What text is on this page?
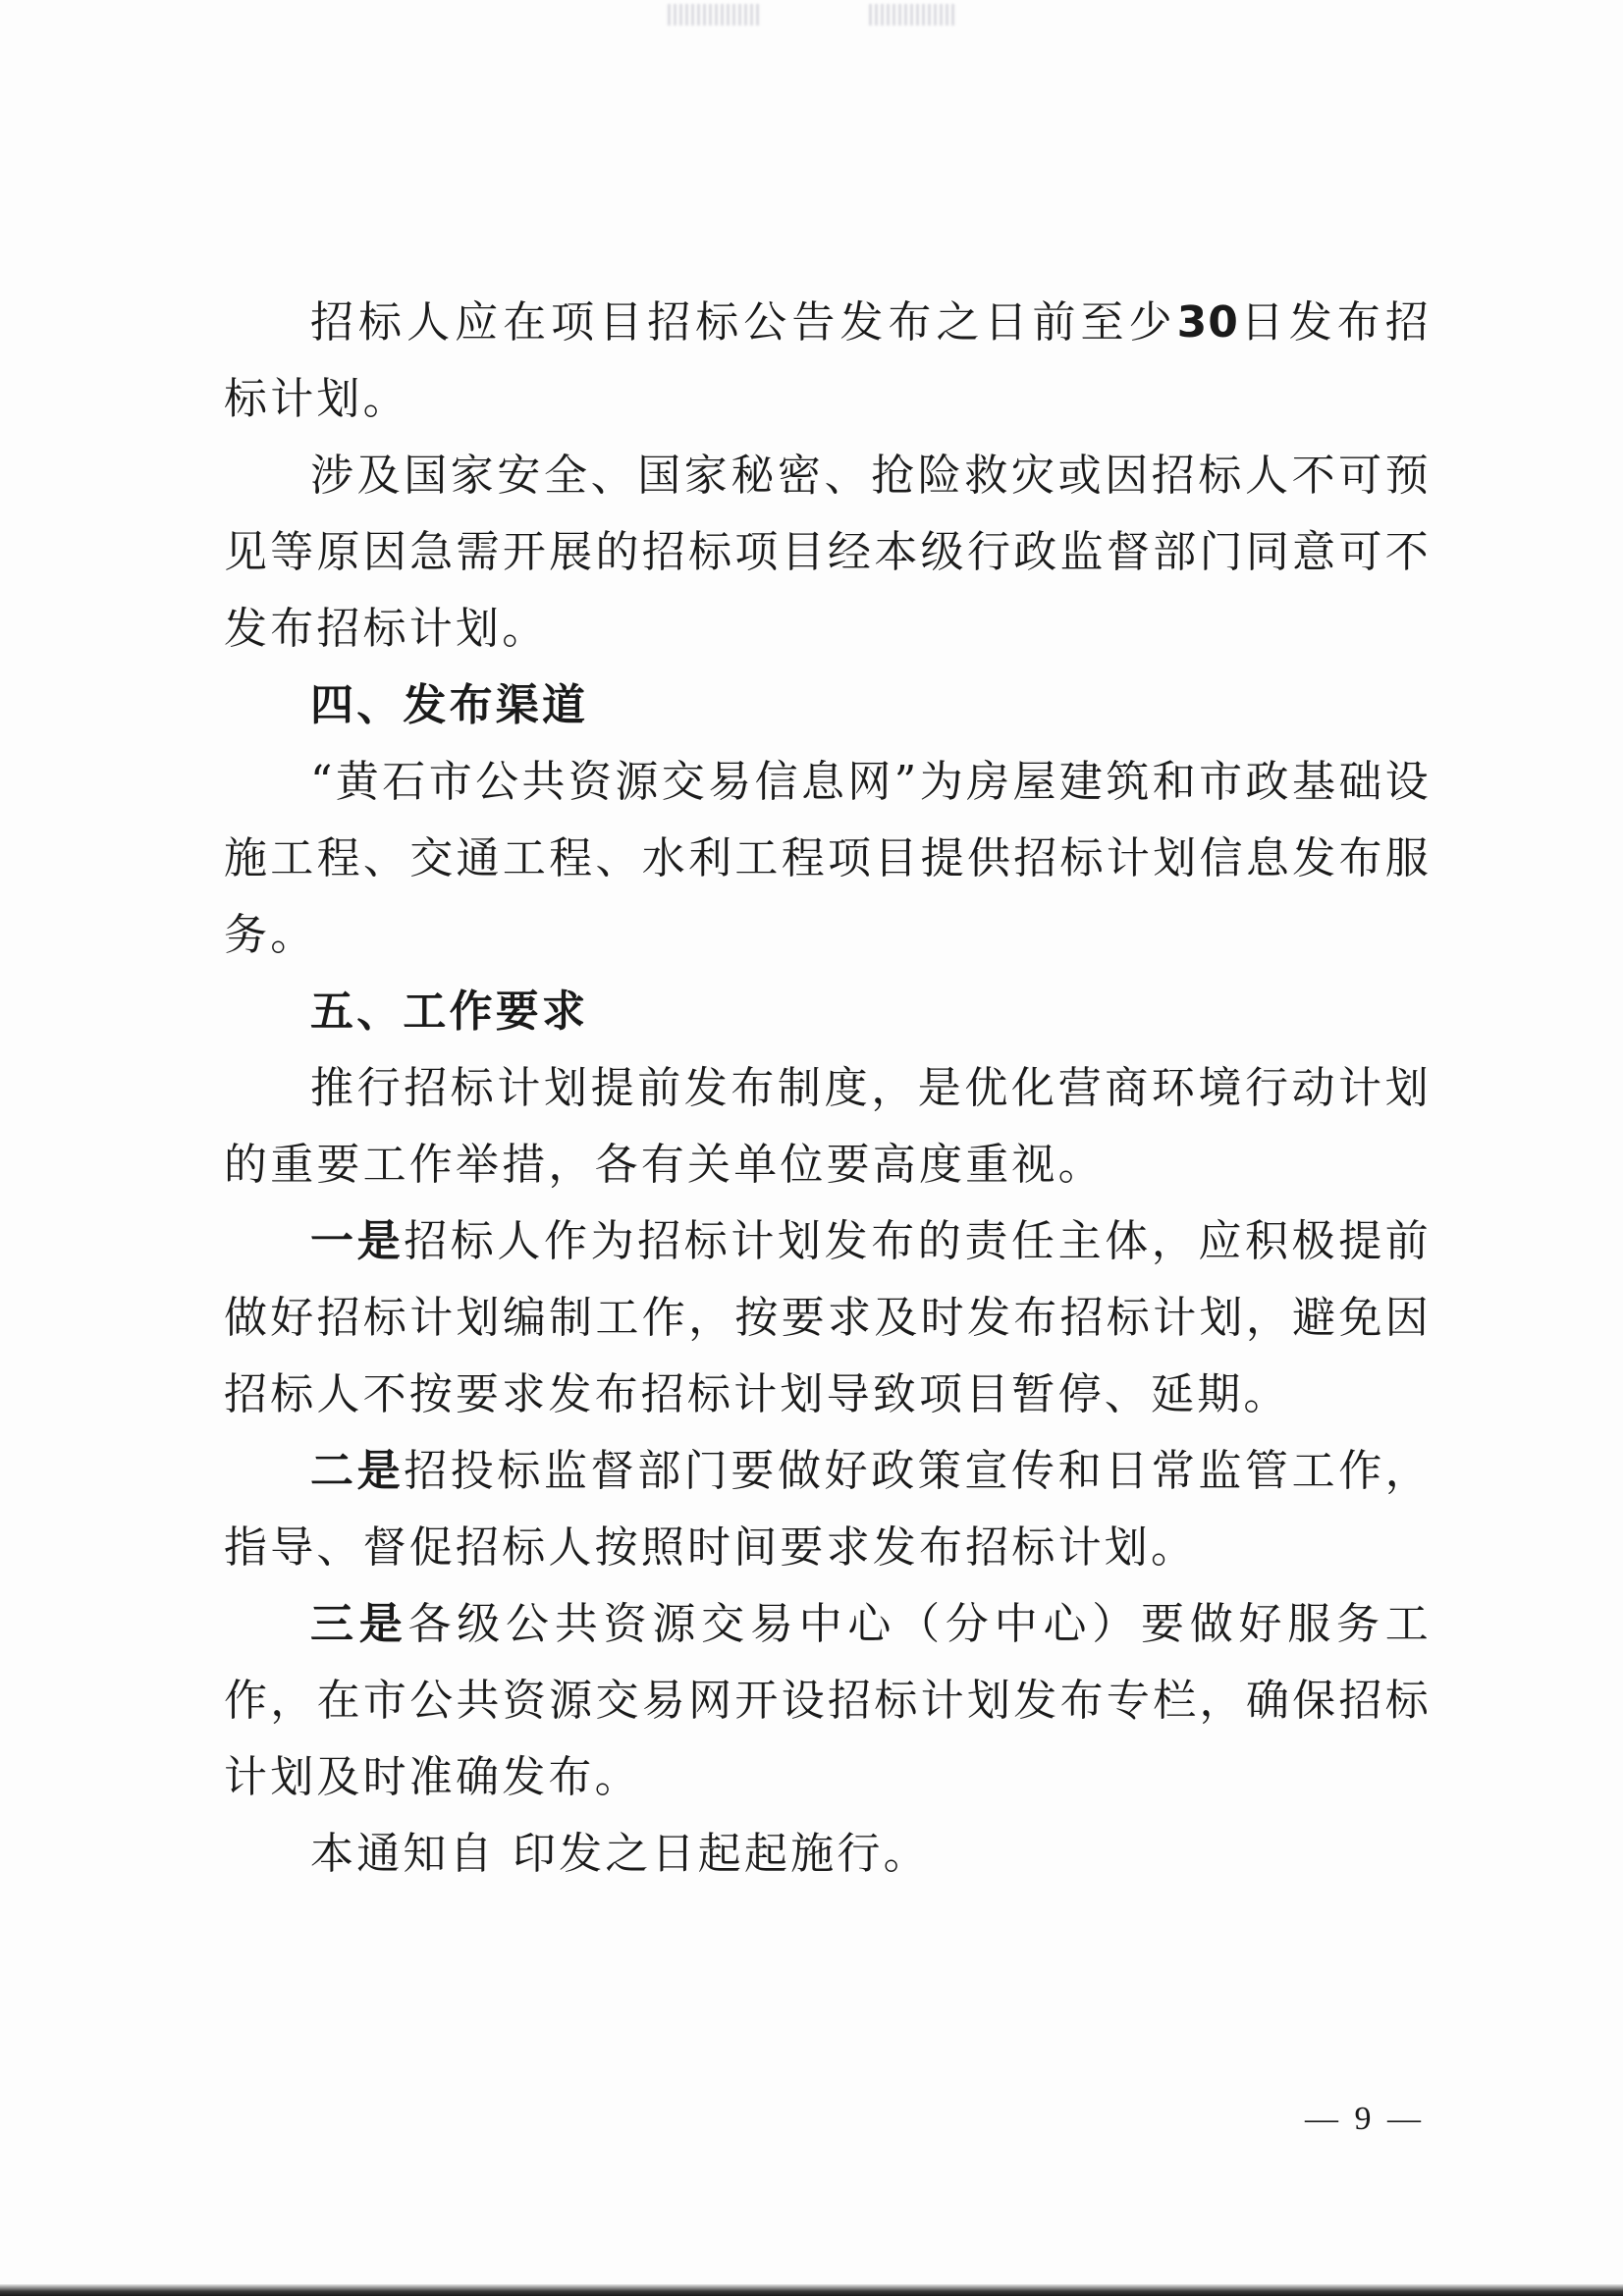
招标人应在项目招标公告发布之日前至少30日发布招标计划。

涉及国家安全、国家秘密、抢险救灾或因招标人不可预见等原因急需开展的招标项目经本级行政监督部门同意可不发布招标计划。

四、发布渠道

“黄石市公共资源交易信息网”为房屋建筑和市政基础设施工程、交通工程、水利工程项目提供招标计划信息发布服务。

五、工作要求

推行招标计划提前发布制度，是优化营商环境行动计划的重要工作举措，各有关单位要高度重视。

一是招标人作为招标计划发布的责任主体，应积极提前做好招标计划编制工作，按要求及时发布招标计划，避免因招标人不按要求发布招标计划导致项目暂停、延期。

二是招投标监督部门要做好政策宣传和日常监管工作，指导、督促招标人按照时间要求发布招标计划。

三是各级公共资源交易中心（分中心）要做好服务工作，在市公共资源交易网开设招标计划发布专栏，确保招标计划及时准确发布。

本通知自 印发之日起起施行。

— 9 —
